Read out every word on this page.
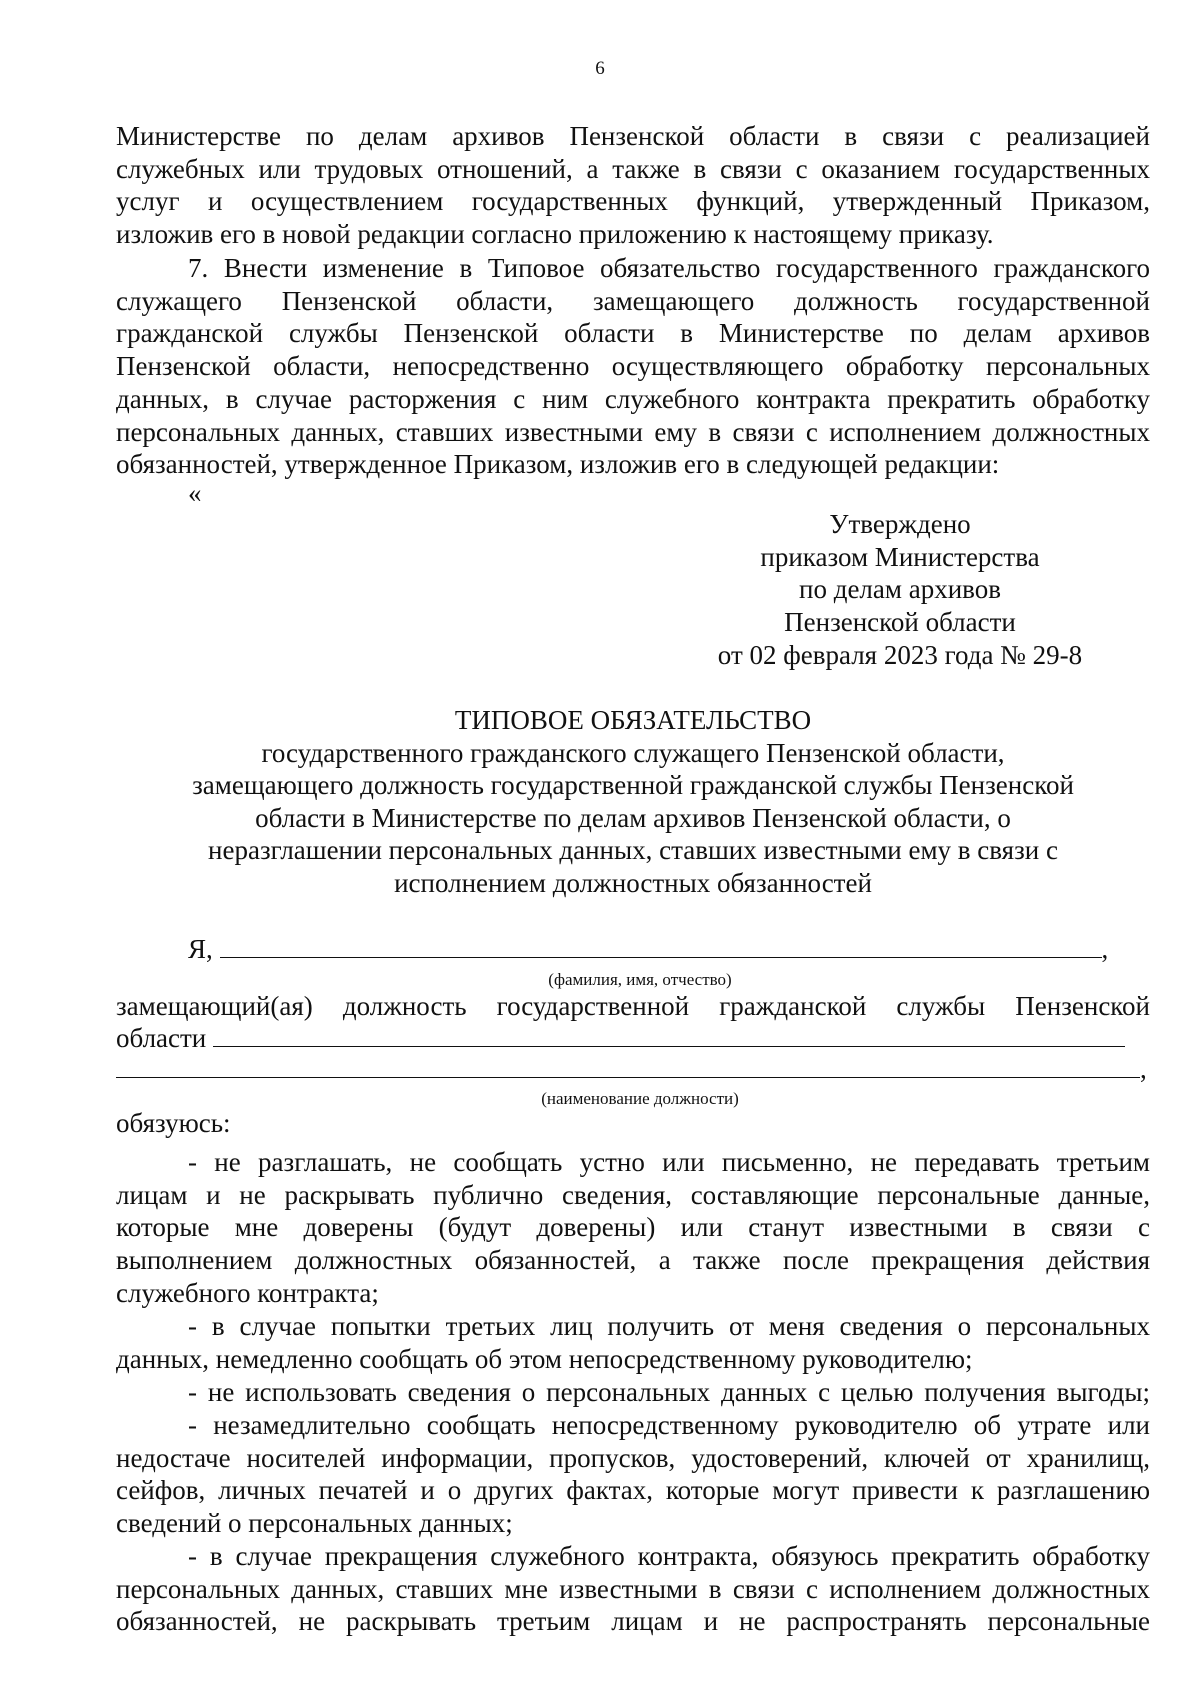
6
Министерстве по делам архивов Пензенской области в связи с реализацией
служебных или трудовых отношений, а также в связи с оказанием государственных
услуг и осуществлением государственных функций, утвержденный Приказом,
изложив его в новой редакции согласно приложению к настоящему приказу.
7. Внести изменение в Типовое обязательство государственного гражданского
служащего Пензенской области, замещающего должность государственной
гражданской службы Пензенской области в Министерстве по делам архивов
Пензенской области, непосредственно осуществляющего обработку персональных
данных, в случае расторжения с ним служебного контракта прекратить обработку
персональных данных, ставших известными ему в связи с исполнением должностных
обязанностей, утвержденное Приказом, изложив его в следующей редакции:
«
Утверждено
приказом Министерства
по делам архивов
Пензенской области
от 02 февраля 2023 года № 29-8
ТИПОВОЕ ОБЯЗАТЕЛЬСТВО
государственного гражданского служащего Пензенской области,
замещающего должность государственной гражданской службы Пензенской
области в Министерстве по делам архивов Пензенской области, о
неразглашении персональных данных, ставших известными ему в связи с
исполнением должностных обязанностей
Я,	,
(фамилия, имя, отчество)
замещающий(ая) должность государственной гражданской службы Пензенской
области
,
(наименование должности)
обязуюсь:
- не разглашать, не сообщать устно или письменно, не передавать третьим
лицам и не раскрывать публично сведения, составляющие персональные данные,
которые мне доверены (будут доверены) или станут известными в связи с
выполнением должностных обязанностей, а также после прекращения действия
служебного контракта;
- в случае попытки третьих лиц получить от меня сведения о персональных
данных, немедленно сообщать об этом непосредственному руководителю;
- не использовать сведения о персональных данных с целью получения выгоды;
- незамедлительно сообщать непосредственному руководителю об утрате или
недостаче носителей информации, пропусков, удостоверений, ключей от хранилищ,
сейфов, личных печатей и о других фактах, которые могут привести к разглашению
сведений о персональных данных;
- в случае прекращения служебного контракта, обязуюсь прекратить обработку
персональных данных, ставших мне известными в связи с исполнением должностных
обязанностей, не раскрывать третьим лицам и не распространять персональные
